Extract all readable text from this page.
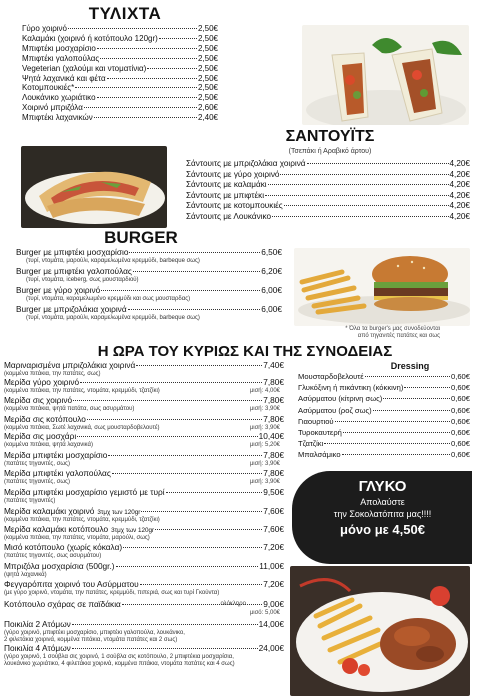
ΤΥΛΙΧΤΑ
Γύρο χοιρινό	2,50€
Καλαμάκι (χοιρινό ή κοτόπουλο 120gr)	2,50€
Μπιφτέκι μοσχαρίσιο	2,50€
Μπιφτέκι γαλοπούλας	2,50€
Vegeterian (χαλούμι και ντοματίνια)	2,50€
Ψητά λαχανικά και φέτα	2,50€
Κοτομπουκιές*	2,50€
Λουκάνικο χωριάτικο	2,50€
Χοιρινό μπριζόλα	2,60€
Μπιφτέκι λαχανικών	2,40€
ΣΑΝΤΟΥΪΤΣ
(Τσεπάκι ή Αραβικό άρτου)
Σάντουιτς με μπριζολάκια χοιρινά	4,20€
Σάντουιτς με γύρο χοιρινό	4,20€
Σάντουιτς με καλαμάκι	4,20€
Σάντουιτς με μπιφτέκι	4,20€
Σάντουιτς με κοτομπουκιές	4,20€
Σάντουιτς με Λουκάνικο	4,20€
BURGER
Burger με μπιφτέκι μοσχαρίσιο	6,50€
(τυρί, ντομάτα, μαρούλι, καραμελωμένα κρεμμύδι, barbeque σως)
Burger με μπιφτέκι γαλοπούλας	6,20€
(τυρί, ντομάτα, iceberg, σως μουσταρδιού)
Burger με γύρο χοιρινό	6,00€
(τυρί, ντομάτα, καραμελωμένο κρεμμύδι και σως μουσταρδας)
Burger με μπριζολάκια χοιρινά	6,00€
(τυρί, ντομάτα, μαρούλι, καραμελωμένα κρεμμύδι, barbeque σως)
* Όλα τα burger's μας συνοδεύονται
από τηγανιτές πατάτες και σως
Η ΩΡΑ ΤΟΥ ΚΥΡΙΩΣ ΚΑΙ ΤΗΣ ΣΥΝΟΔΕΙΑΣ
Μαριναρισμένα μπριζολάκια χοιρινά	7,40€
(κομμένα πιτάκια, την πατάτες, σως)
Μερίδα γύρο χοιρινό	7,80€
(κομμένα πιτάκια, την πατάτες, ντομάτα, κρεμμύδι, τζατζίκι)	μισή: 4,00€
Μερίδα σις χοιρινό	7,80€
(κομμένα πιτάκια, ψητά πατάτα, σως ασυρμάτου)	μισή: 3,90€
Μερίδα σις κοτόπουλο	7,80€
(κομμένα πιτάκια, Σωτέ λαχανικά, σως μουσταρδοβελουτέ)	μισή: 3,90€
Μερίδα σις μοσχάρι	10,40€
(κομμένα πιτάκια, ψητά λαχανικά)	μισή: 5,20€
Μερίδα μπιφτέκι μοσχαρίσιο	7,80€
(πατάτες τηγανιτές, σως)	μισή: 3,90€
Μερίδα μπιφτέκι γαλοπούλας	7,80€
(πατάτες τηγανιτές, σως)	μισή: 3,90€
Μερίδα μπιφτέκι μοσχαρίσιο γεμιστό με τυρί	9,50€
(πατάτες τηγανιτές)
Μερίδα καλαμάκι χοιρινό 3τμχ των 120gr	7,60€
(κομμένα πιτάκια, την πατάτες, ντομάτα, κρεμμύδι, τζατζίκι)
Μερίδα καλαμάκι κοτόπουλο 3τμχ των 120gr	7,60€
(κομμένα πιτάκια, την πατάτες, ντομάτα, μαρούλι, σως)
Μισό κοτόπουλο (χωρίς κόκαλα)	7,20€
(πατάτες τηγανιτές, σως ασυρμάτου)
Μπριζόλα μοσχαρίσια (500gr.)	11,00€
(ψητά λαχανικά)
Φεγγαρόπιτα χοιρινό του Ασύρματου	7,20€
(με γύρο χοιρινό, ντομάτα, την πατάτες, κρεμμύδι, πιπεριά, σως και τυρί Γκούντα)
Κοτόπουλο σχάρας σε παϊδάκια	9,00€
ολόκληρο
μισό: 5,00€
Ποικιλία 2 Ατόμων	14,00€
(γύρο χοιρινό, μπιφτέκι μοσχαρίσιο, μπιφτέκι γαλοπούλα, λουκάνικο,
2 φιλετάκια χοιρινά, κομμένα πιτάκια, ντομάτα πατάτες και 2 σως)
Ποικιλία 4 Ατόμων	24,00€
(γύρο χοιρινό, 1 σούβλα σις χοιρινό, 1 σούβλα σις κοτόπουλο, 2 μπιφτέκια μοσχαρίσια,
λουκάνικο χωριάτικο, 4 φιλετάκια χοιρινά, κομμένα πιτάκια, ντομάτα πατάτες και 4 σως)
Dressing
Μουσταρδοβελουτέ	0,60€
Γλυκόξινη ή πικάντικη (κόκκινη)	0,60€
Ασύρματου (κίτρινη σως)	0,60€
Ασύρματου (ροζ σως)	0,60€
Γιαουρτιού	0,60€
Τυροκαυτερή	0,60€
Τζατζίκι	0,60€
Μπαλσάμικο	0,60€
ΓΛΥΚΟ
Απολαύστε
την Σοκολατόπιτα μας!!!!
μόνο με 4,50€
